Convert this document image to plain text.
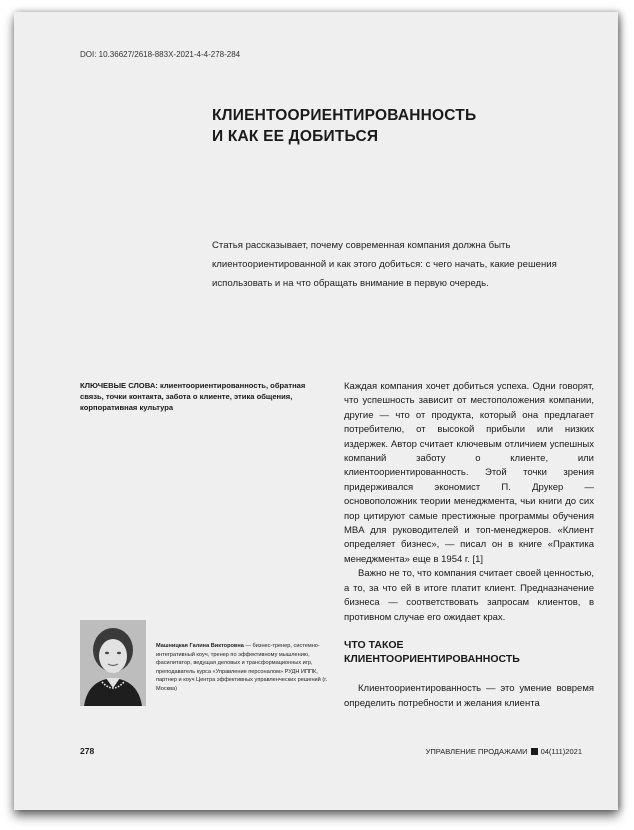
DOI: 10.36627/2618-883X-2021-4-4-278-284
КЛИЕНТООРИЕНТИРОВАННОСТЬ
И КАК ЕЕ ДОБИТЬСЯ
Статья рассказывает, почему современная компания должна быть клиентоориентированной и как этого добиться: с чего начать, какие решения использовать и на что обращать внимание в первую очередь.
КЛЮЧЕВЫЕ СЛОВА: клиентоориентированность, обратная связь, точки контакта, забота о клиенте, этика общения, корпоративная культура

Каждая компания хочет добиться успеха. Одни говорят, что успешность зависит от местоположения компании, другие — что от продукта, который она предлагает потребителю, от высокой прибыли или низких издержек. Автор считает ключевым отличием успешных компаний заботу о клиенте, или клиентоориентированность. Этой точки зрения придерживался экономист П. Друкер — основоположник теории менеджмента, чьи книги до сих пор цитируют самые престижные программы обучения MBA для руководителей и топ-менеджеров. «Клиент определяет бизнес», — писал он в книге «Практика менеджмента» еще в 1954 г. [1]

Важно не то, что компания считает своей ценностью, а то, за что ей в итоге платит клиент. Предназначение бизнеса — соответствовать запросам клиентов, в противном случае его ожидает крах.

ЧТО ТАКОЕ
КЛИЕНТООРИЕНТИРОВАННОСТЬ
Клиентоориентированность — это умение вовремя определить потребности и желания клиента
Машницкая Галина Викторовна — бизнес-тренер, системно-интегративный коуч, тренер по эффективному мышлению, фасилитатор, ведущая деловых и трансформационных игр, преподаватель курса «Управление персоналом» РУДН ИППК, партнер и коуч Центра эффективных управленческих решений (г. Москва)
278	УПРАВЛЕНИЕ ПРОДАЖАМИ 04(111)2021
